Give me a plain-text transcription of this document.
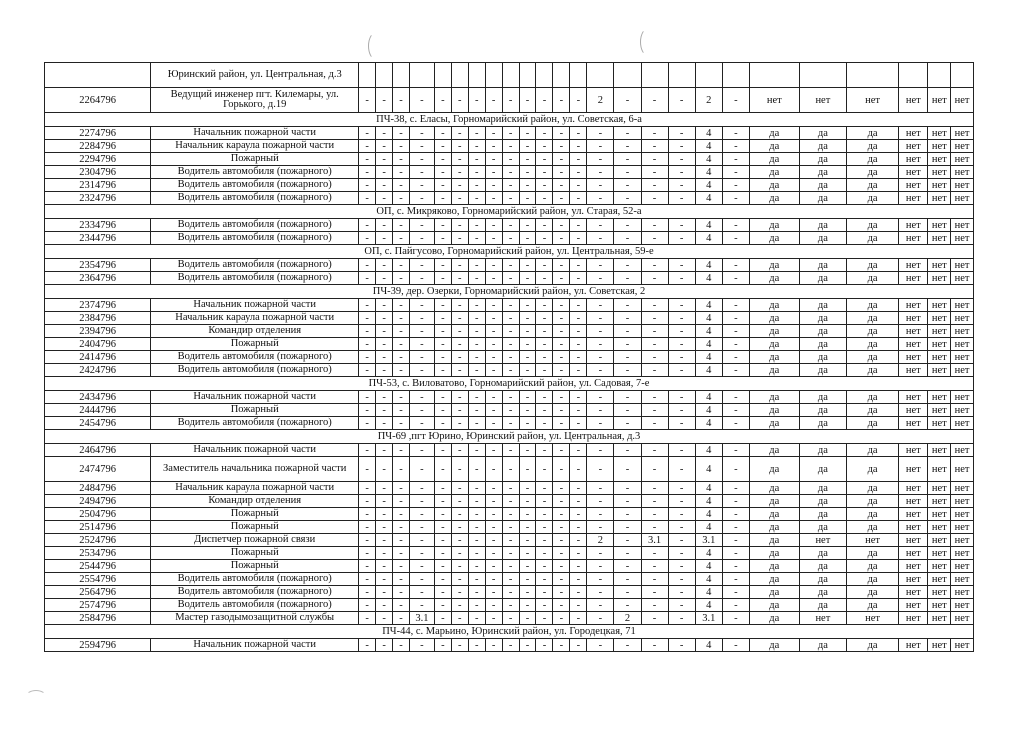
	Юринский район, ул. Центральная, д.3																									
2264796	Ведущий инженер пгт. Килемары, ул. Горького, д.19	-	-	-	-	-	-	-	-	-	-	-	-	-	2	-	-	-	2	-	нет	нет	нет	нет	нет	нет
ПЧ-38, с. Еласы, Горномарийский район, ул. Советская, 6-а																										
2274796	Начальник пожарной части	-	-	-	-	-	-	-	-	-	-	-	-	-	-	-	-	-	4	-	да	да	да	нет	нет	нет
2284796	Начальник караула пожарной части	-	-	-	-	-	-	-	-	-	-	-	-	-	-	-	-	-	4	-	да	да	да	нет	нет	нет
2294796	Пожарный	-	-	-	-	-	-	-	-	-	-	-	-	-	-	-	-	-	4	-	да	да	да	нет	нет	нет
2304796	Водитель автомобиля (пожарного)	-	-	-	-	-	-	-	-	-	-	-	-	-	-	-	-	-	4	-	да	да	да	нет	нет	нет
2314796	Водитель автомобиля (пожарного)	-	-	-	-	-	-	-	-	-	-	-	-	-	-	-	-	-	4	-	да	да	да	нет	нет	нет
2324796	Водитель автомобиля (пожарного)	-	-	-	-	-	-	-	-	-	-	-	-	-	-	-	-	-	4	-	да	да	да	нет	нет	нет
ОП, с. Микряково, Горномарийский район, ул. Старая, 52-а																										
2334796	Водитель автомобиля (пожарного)	-	-	-	-	-	-	-	-	-	-	-	-	-	-	-	-	-	4	-	да	да	да	нет	нет	нет
2344796	Водитель автомобиля (пожарного)	-	-	-	-	-	-	-	-	-	-	-	-	-	-	-	-	-	4	-	да	да	да	нет	нет	нет
ОП, с. Пайгусово, Горномарийский район, ул. Центральная, 59-е																										
2354796	Водитель автомобиля (пожарного)	-	-	-	-	-	-	-	-	-	-	-	-	-	-	-	-	-	4	-	да	да	да	нет	нет	нет
2364796	Водитель автомобиля (пожарного)	-	-	-	-	-	-	-	-	-	-	-	-	-	-	-	-	-	4	-	да	да	да	нет	нет	нет
ПЧ-39, дер. Озерки, Горномарийский район, ул. Советская, 2																										
2374796	Начальник пожарной части	-	-	-	-	-	-	-	-	-	-	-	-	-	-	-	-	-	4	-	да	да	да	нет	нет	нет
2384796	Начальник караула пожарной части	-	-	-	-	-	-	-	-	-	-	-	-	-	-	-	-	-	4	-	да	да	да	нет	нет	нет
2394796	Командир отделения	-	-	-	-	-	-	-	-	-	-	-	-	-	-	-	-	-	4	-	да	да	да	нет	нет	нет
2404796	Пожарный	-	-	-	-	-	-	-	-	-	-	-	-	-	-	-	-	-	4	-	да	да	да	нет	нет	нет
2414796	Водитель автомобиля (пожарного)	-	-	-	-	-	-	-	-	-	-	-	-	-	-	-	-	-	4	-	да	да	да	нет	нет	нет
2424796	Водитель автомобиля (пожарного)	-	-	-	-	-	-	-	-	-	-	-	-	-	-	-	-	-	4	-	да	да	да	нет	нет	нет
ПЧ-53, с. Виловатово, Горномарийский район, ул. Садовая, 7-е																										
2434796	Начальник пожарной части	-	-	-	-	-	-	-	-	-	-	-	-	-	-	-	-	-	4	-	да	да	да	нет	нет	нет
2444796	Пожарный	-	-	-	-	-	-	-	-	-	-	-	-	-	-	-	-	-	4	-	да	да	да	нет	нет	нет
2454796	Водитель автомобиля (пожарного)	-	-	-	-	-	-	-	-	-	-	-	-	-	-	-	-	-	4	-	да	да	да	нет	нет	нет
ПЧ-69 ,пгт Юрино, Юринский район, ул. Центральная, д.3																										
2464796	Начальник пожарной части	-	-	-	-	-	-	-	-	-	-	-	-	-	-	-	-	-	4	-	да	да	да	нет	нет	нет
2474796	Заместитель начальника пожарной части	-	-	-	-	-	-	-	-	-	-	-	-	-	-	-	-	-	4	-	да	да	да	нет	нет	нет
2484796	Начальник караула пожарной части	-	-	-	-	-	-	-	-	-	-	-	-	-	-	-	-	-	4	-	да	да	да	нет	нет	нет
2494796	Командир отделения	-	-	-	-	-	-	-	-	-	-	-	-	-	-	-	-	-	4	-	да	да	да	нет	нет	нет
2504796	Пожарный	-	-	-	-	-	-	-	-	-	-	-	-	-	-	-	-	-	4	-	да	да	да	нет	нет	нет
2514796	Пожарный	-	-	-	-	-	-	-	-	-	-	-	-	-	-	-	-	-	4	-	да	да	да	нет	нет	нет
2524796	Диспетчер пожарной связи	-	-	-	-	-	-	-	-	-	-	-	-	-	2	-	3.1	-	3.1	-	да	нет	нет	нет	нет	нет
2534796	Пожарный	-	-	-	-	-	-	-	-	-	-	-	-	-	-	-	-	-	4	-	да	да	да	нет	нет	нет
2544796	Пожарный	-	-	-	-	-	-	-	-	-	-	-	-	-	-	-	-	-	4	-	да	да	да	нет	нет	нет
2554796	Водитель автомобиля (пожарного)	-	-	-	-	-	-	-	-	-	-	-	-	-	-	-	-	-	4	-	да	да	да	нет	нет	нет
2564796	Водитель автомобиля (пожарного)	-	-	-	-	-	-	-	-	-	-	-	-	-	-	-	-	-	4	-	да	да	да	нет	нет	нет
2574796	Водитель автомобиля (пожарного)	-	-	-	-	-	-	-	-	-	-	-	-	-	-	-	-	-	4	-	да	да	да	нет	нет	нет
2584796	Мастер газодымозащитной службы	-	-	-	3.1	-	-	-	-	-	-	-	-	-	-	2	-	-	3.1	-	да	нет	нет	нет	нет	нет
ПЧ-44, с. Марьино, Юринский район, ул. Городецкая, 71																										
2594796	Начальник пожарной части	-	-	-	-	-	-	-	-	-	-	-	-	-	-	-	-	-	4	-	да	да	да	нет	нет	нет
